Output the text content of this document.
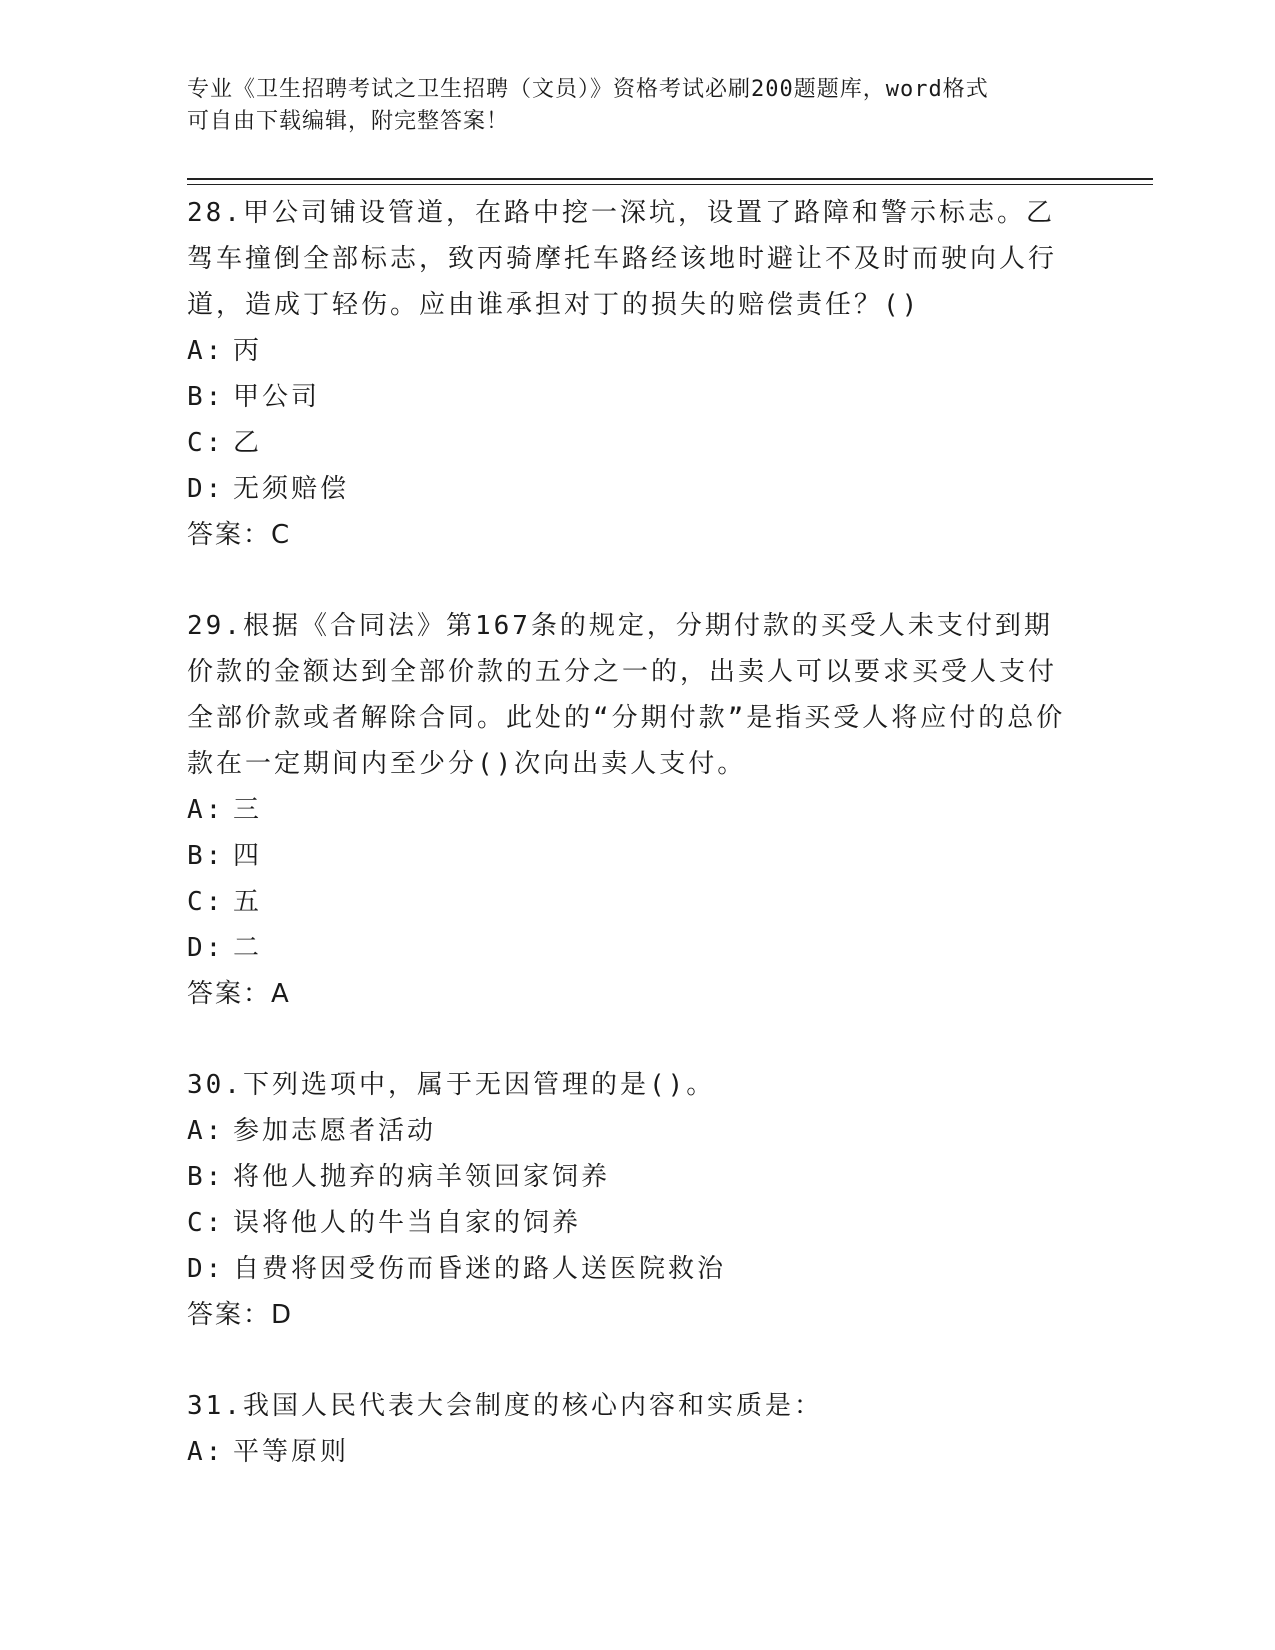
专业《卫生招聘考试之卫生招聘（文员）》资格考试必刷200题题库，word格式
可自由下载编辑，附完整答案！

28.甲公司铺设管道，在路中挖一深坑，设置了路障和警示标志。乙驾车撞倒全部标志，致丙骑摩托车路经该地时避让不及时而驶向人行道，造成丁轻伤。应由谁承担对丁的损失的赔偿责任？()

A: 丙
B: 甲公司
C: 乙
D: 无须赔偿
答案：C

29.根据《合同法》第167条的规定，分期付款的买受人未支付到期价款的金额达到全部价款的五分之一的，出卖人可以要求买受人支付全部价款或者解除合同。此处的“分期付款”是指买受人将应付的总价款在一定期间内至少分()次向出卖人支付。

A: 三
B: 四
C: 五
D: 二
答案：A

30.下列选项中，属于无因管理的是()。

A: 参加志愿者活动
B: 将他人抛弃的病羊领回家饲养
C: 误将他人的牛当自家的饲养
D: 自费将因受伤而昏迷的路人送医院救治
答案：D

31.我国人民代表大会制度的核心内容和实质是：

A: 平等原则
